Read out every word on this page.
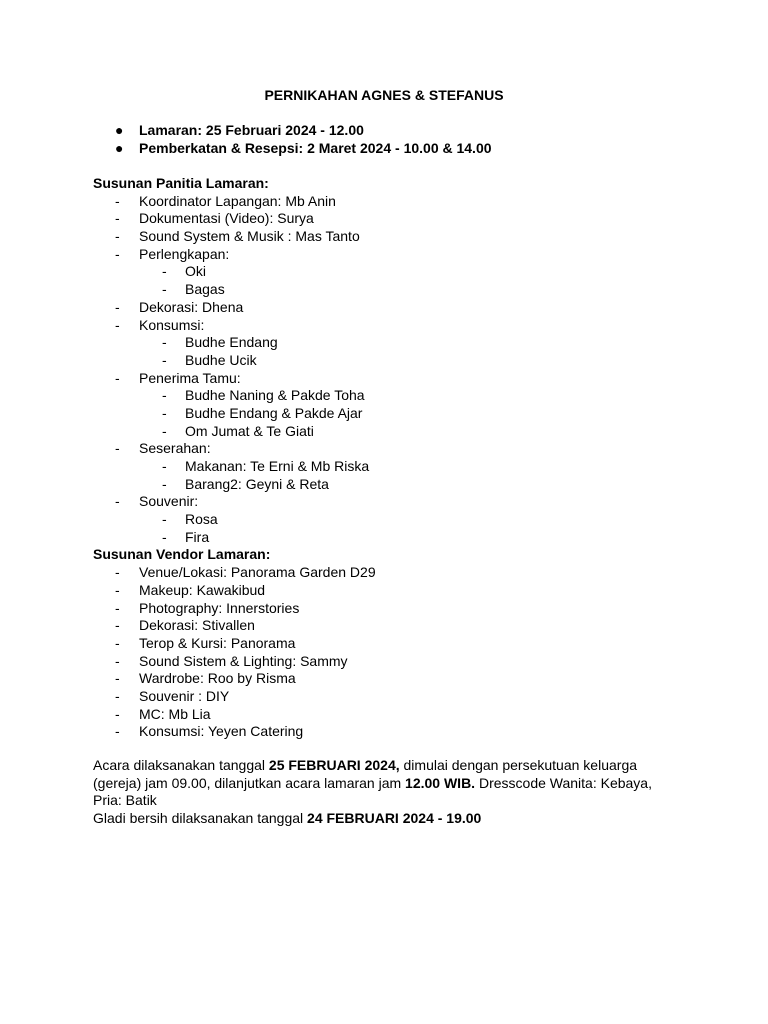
PERNIKAHAN AGNES & STEFANUS
● Lamaran: 25 Februari 2024 - 12.00
● Pemberkatan & Resepsi: 2 Maret 2024 - 10.00 & 14.00
Susunan Panitia Lamaran:
- Koordinator Lapangan: Mb Anin
- Dokumentasi (Video): Surya
- Sound System & Musik : Mas Tanto
- Perlengkapan:
- Oki
- Bagas
- Dekorasi: Dhena
- Konsumsi:
- Budhe Endang
- Budhe Ucik
- Penerima Tamu:
- Budhe Naning & Pakde Toha
- Budhe Endang & Pakde Ajar
- Om Jumat & Te Giati
- Seserahan:
- Makanan: Te Erni & Mb Riska
- Barang2: Geyni & Reta
- Souvenir:
- Rosa
- Fira
Susunan Vendor Lamaran:
- Venue/Lokasi: Panorama Garden D29
- Makeup: Kawakibud
- Photography: Innerstories
- Dekorasi: Stivallen
- Terop & Kursi: Panorama
- Sound Sistem & Lighting: Sammy
- Wardrobe: Roo by Risma
- Souvenir : DIY
- MC: Mb Lia
- Konsumsi: Yeyen Catering
Acara dilaksanakan tanggal 25 FEBRUARI 2024, dimulai dengan persekutuan keluarga
(gereja) jam 09.00, dilanjutkan acara lamaran jam 12.00 WIB. Dresscode Wanita: Kebaya,
Pria: Batik
Gladi bersih dilaksanakan tanggal 24 FEBRUARI 2024 - 19.00
